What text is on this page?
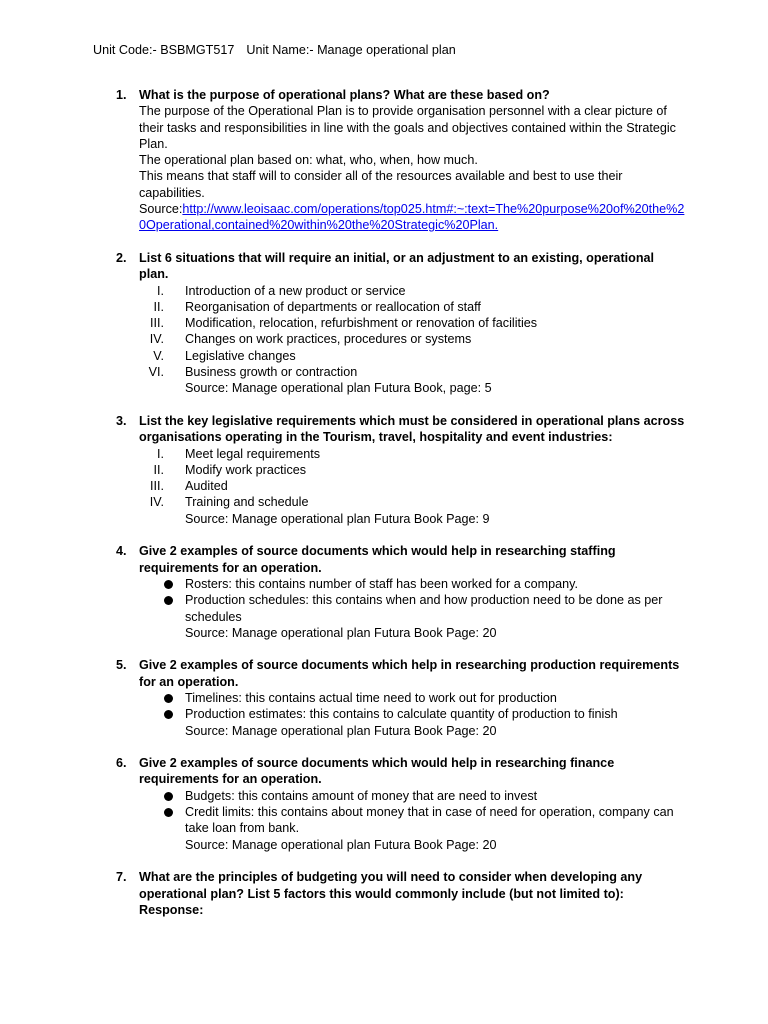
Unit Code:- BSBMGT517 Unit Name:- Manage operational plan
1. What is the purpose of operational plans? What are these based on?

The purpose of the Operational Plan is to provide organisation personnel with a clear picture of their tasks and responsibilities in line with the goals and objectives contained within the Strategic Plan.

The operational plan based on: what, who, when, how much.

This means that staff will to consider all of the resources available and best to use their capabilities.

Source:http://www.leoisaac.com/operations/top025.htm#:~:text=The%20purpose%20of%20the%20Operational,contained%20within%20the%20Strategic%20Plan.

2. List 6 situations that will require an initial, or an adjustment to an existing, operational plan.
I. Introduction of a new product or service
II. Reorganisation of departments or reallocation of staff
III. Modification, relocation, refurbishment or renovation of facilities
IV. Changes on work practices, procedures or systems
V. Legislative changes
VI. Business growth or contraction
Source: Manage operational plan Futura Book, page: 5
3. List the key legislative requirements which must be considered in operational plans across organisations operating in the Tourism, travel, hospitality and event industries:
I. Meet legal requirements
II. Modify work practices
III. Audited
IV. Training and schedule
Source: Manage operational plan Futura Book Page: 9
4. Give 2 examples of source documents which would help in researching staffing requirements for an operation.
Rosters: this contains number of staff has been worked for a company.
Production schedules: this contains when and how production need to be done as per schedules
Source: Manage operational plan Futura Book Page: 20
5. Give 2 examples of source documents which help in researching production requirements for an operation.
Timelines: this contains actual time need to work out for production
Production estimates: this contains to calculate quantity of production to finish
Source: Manage operational plan Futura Book Page: 20
6. Give 2 examples of source documents which would help in researching finance requirements for an operation.
Budgets: this contains amount of money that are need to invest
Credit limits: this contains about money that in case of need for operation, company can take loan from bank.
Source: Manage operational plan Futura Book Page: 20
7. What are the principles of budgeting you will need to consider when developing any operational plan? List 5 factors this would commonly include (but not limited to):
Response:
